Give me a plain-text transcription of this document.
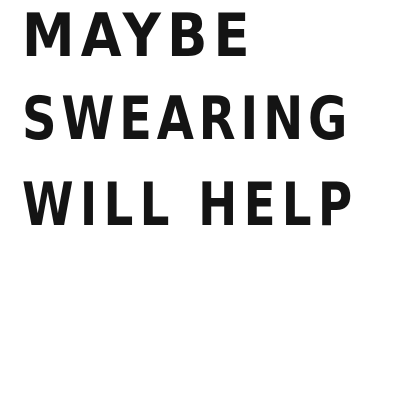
MAYBE

SWEARING

WILL HELP
